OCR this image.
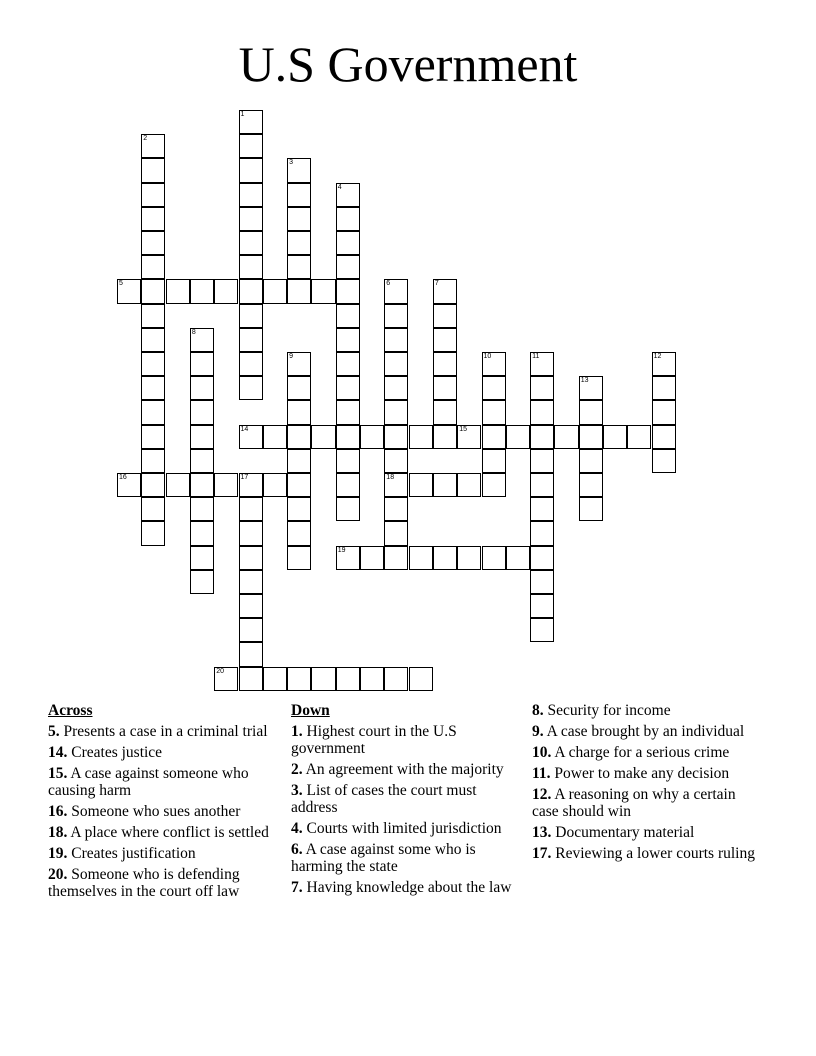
U.S Government
1
2
3
4
5	6
18
7
8
9	10	11	12
13
14	15
16	17
19
20
Across
5. Presents a case in a criminal trial
14. Creates justice
15. A case against someone who causing harm
16. Someone who sues another
18. A place where conflict is settled
19. Creates justification
20. Someone who is defending themselves in the court off law
Down
1. Highest court in the U.S government
2. An agreement with the majority
3. List of cases the court must address
4. Courts with limited jurisdiction
6. A case against some who is harming the state
7. Having knowledge about the law
8. Security for income
9. A case brought by an individual
10. A charge for a serious crime
11. Power to make any decision
12. A reasoning on why a certain case should win
13. Documentary material
17. Reviewing a lower courts ruling
